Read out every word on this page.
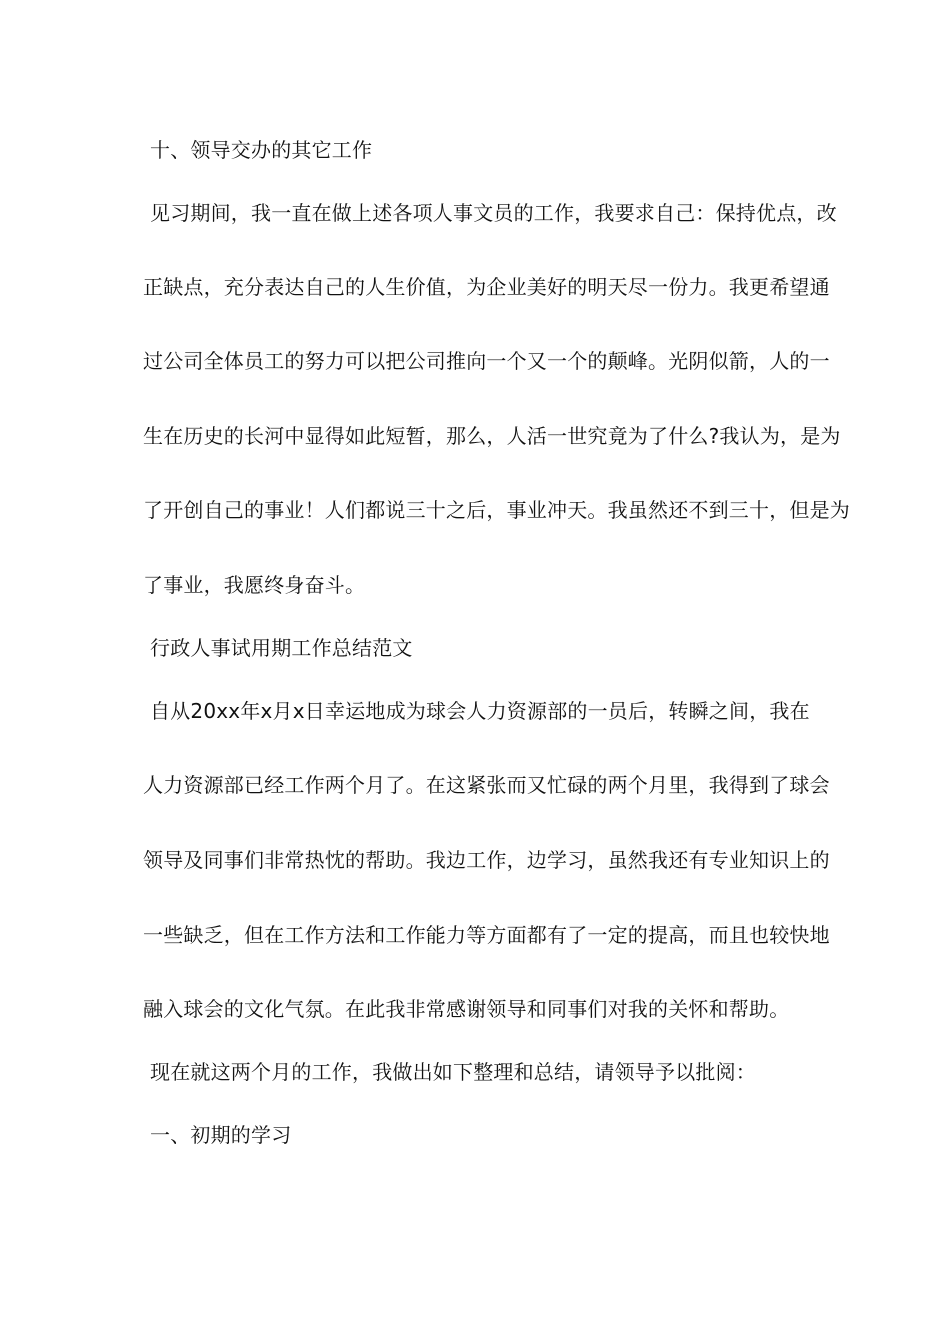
十、领导交办的其它工作
见习期间，我一直在做上述各项人事文员的工作，我要求自己：保持优点，改
正缺点，充分表达自己的人生价值，为企业美好的明天尽一份力。我更希望通
过公司全体员工的努力可以把公司推向一个又一个的颠峰。光阴似箭，人的一
生在历史的长河中显得如此短暂，那么，人活一世究竟为了什么?我认为，是为
了开创自己的事业！人们都说三十之后，事业冲天。我虽然还不到三十，但是为
了事业，我愿终身奋斗。
行政人事试用期工作总结范文
自从20xx年x月x日幸运地成为球会人力资源部的一员后，转瞬之间，我在
人力资源部已经工作两个月了。在这紧张而又忙碌的两个月里，我得到了球会
领导及同事们非常热忱的帮助。我边工作，边学习，虽然我还有专业知识上的
一些缺乏，但在工作方法和工作能力等方面都有了一定的提高，而且也较快地
融入球会的文化气氛。在此我非常感谢领导和同事们对我的关怀和帮助。
现在就这两个月的工作，我做出如下整理和总结，请领导予以批阅：
一、初期的学习
